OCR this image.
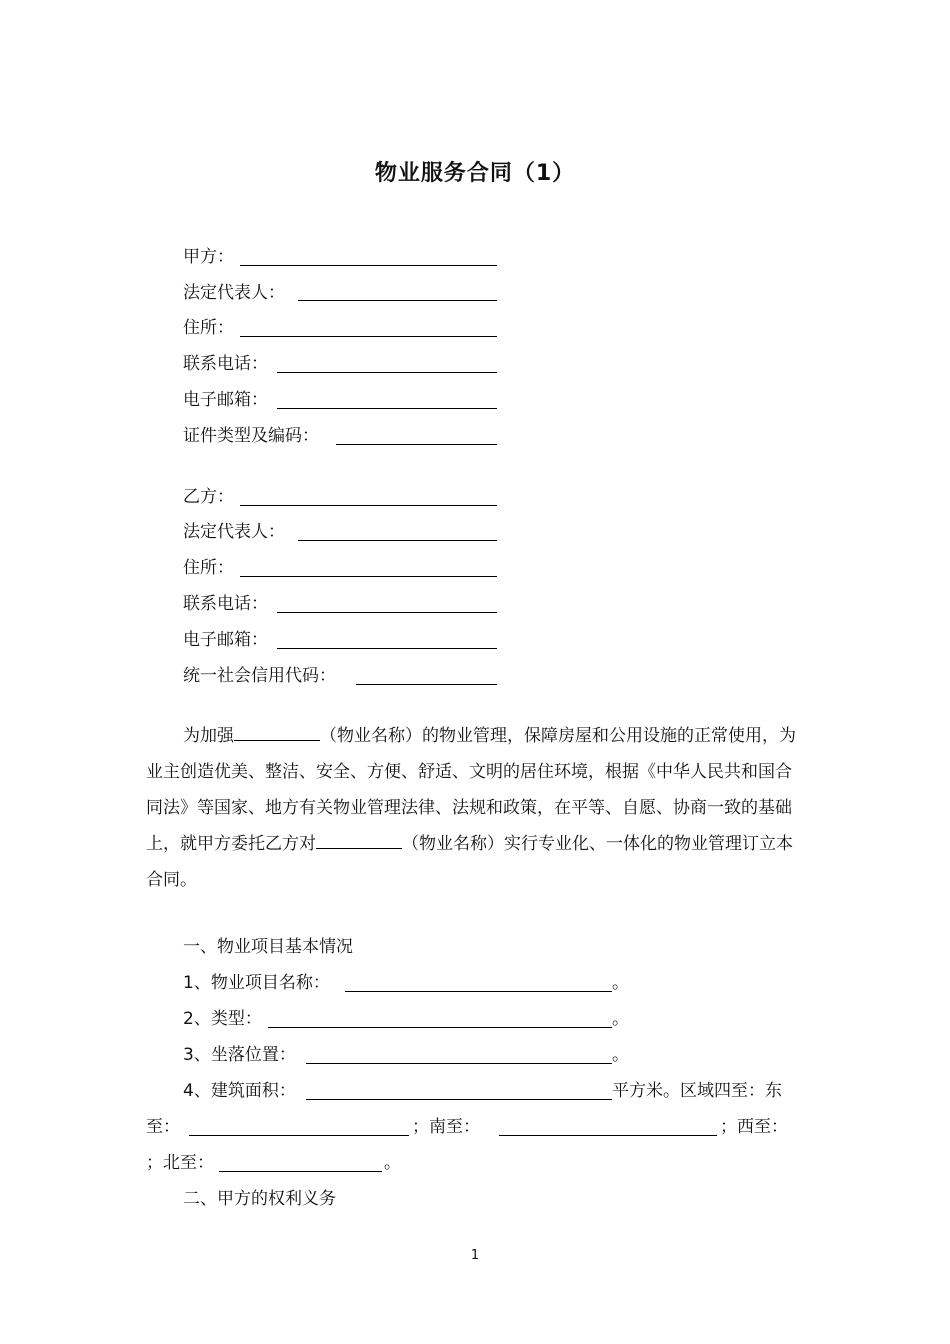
物业服务合同（1）
甲方：
法定代表人：
住所：
联系电话：
电子邮箱：
证件类型及编码：
乙方：
法定代表人：
住所：
联系电话：
电子邮箱：
统一社会信用代码：

为加强	（物业名称）的物业管理，保障房屋和公用设施的正常使用，为业主创造优美、整洁、安全、方便、舒适、文明的居住环境，根据《中华人民共和国合同法》等国家、地方有关物业管理法律、法规和政策，在平等、自愿、协商一致的基础上，就甲方委托乙方对	（物业名称）实行专业化、一体化的物业管理订立本合同。

一、物业项目基本情况
1、物业项目名称：	。
2、类型：	。
3、坐落位置：	。
4、建筑面积：	平方米。区域四至：东
至：	；南至：	；西至：
；北至：	。
二、甲方的权利义务
1
